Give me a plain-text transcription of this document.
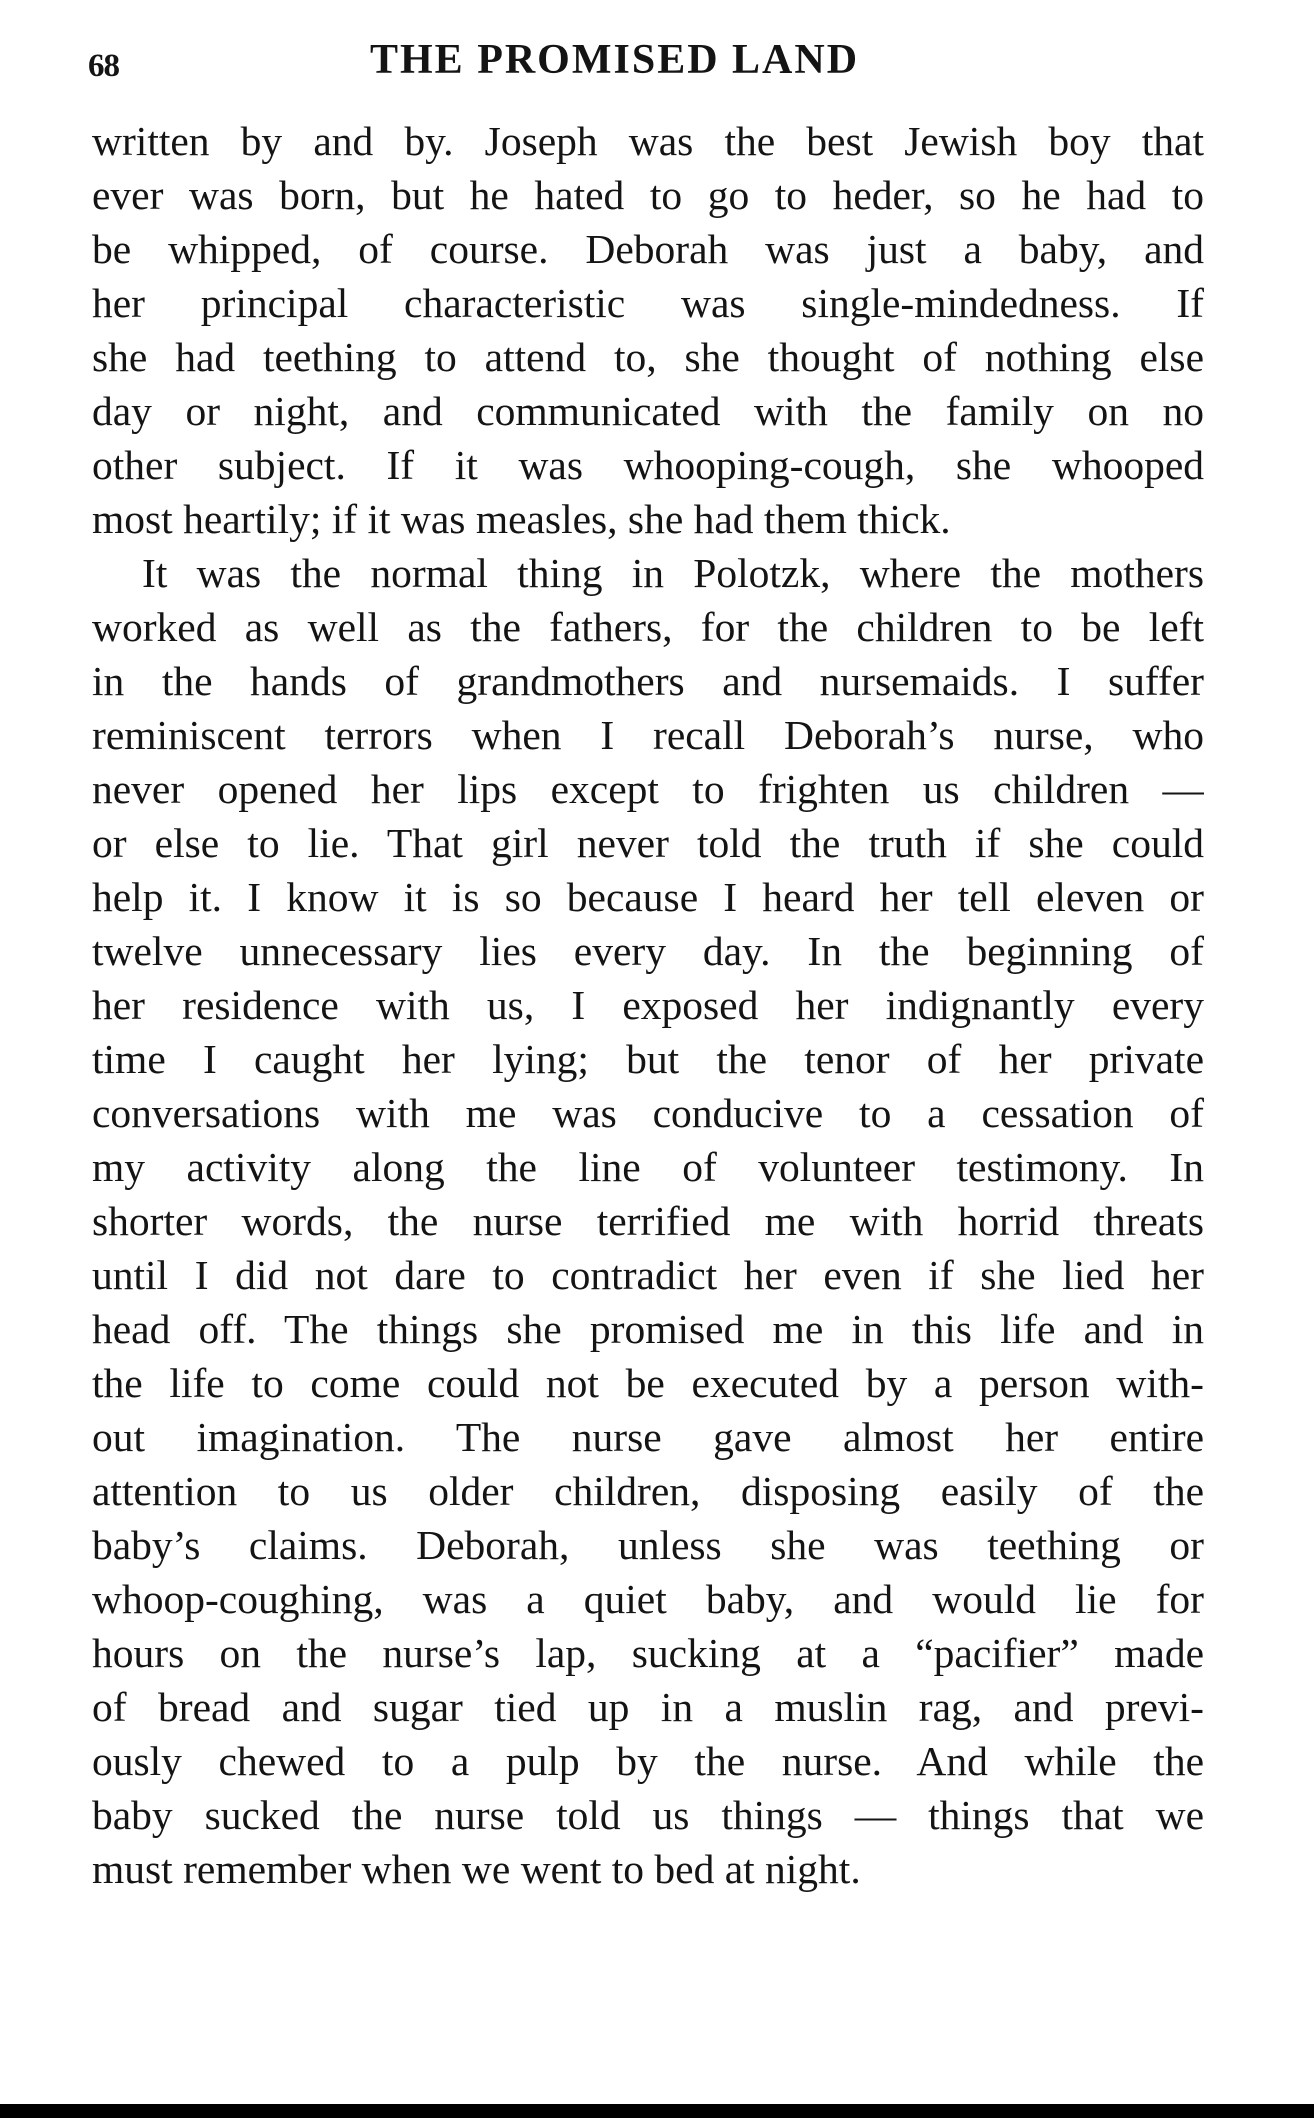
68	THE PROMISED LAND
written by and by. Joseph was the best Jewish boy that
ever was born, but he hated to go to heder, so he had to
be whipped, of course. Deborah was just a baby, and
her principal characteristic was single-mindedness. If
she had teething to attend to, she thought of nothing else
day or night, and communicated with the family on no
other subject. If it was whooping-cough, she whooped
most heartily; if it was measles, she had them thick.
It was the normal thing in Polotzk, where the mothers
worked as well as the fathers, for the children to be left
in the hands of grandmothers and nursemaids. I suffer
reminiscent terrors when I recall Deborah’s nurse, who
never opened her lips except to frighten us children —
or else to lie. That girl never told the truth if she could
help it. I know it is so because I heard her tell eleven or
twelve unnecessary lies every day. In the beginning of
her residence with us, I exposed her indignantly every
time I caught her lying; but the tenor of her private
conversations with me was conducive to a cessation of
my activity along the line of volunteer testimony. In
shorter words, the nurse terrified me with horrid threats
until I did not dare to contradict her even if she lied her
head off. The things she promised me in this life and in
the life to come could not be executed by a person with-
out imagination. The nurse gave almost her entire
attention to us older children, disposing easily of the
baby’s claims. Deborah, unless she was teething or
whoop-coughing, was a quiet baby, and would lie for
hours on the nurse’s lap, sucking at a “pacifier” made
of bread and sugar tied up in a muslin rag, and previ-
ously chewed to a pulp by the nurse. And while the
baby sucked the nurse told us things — things that we
must remember when we went to bed at night.
